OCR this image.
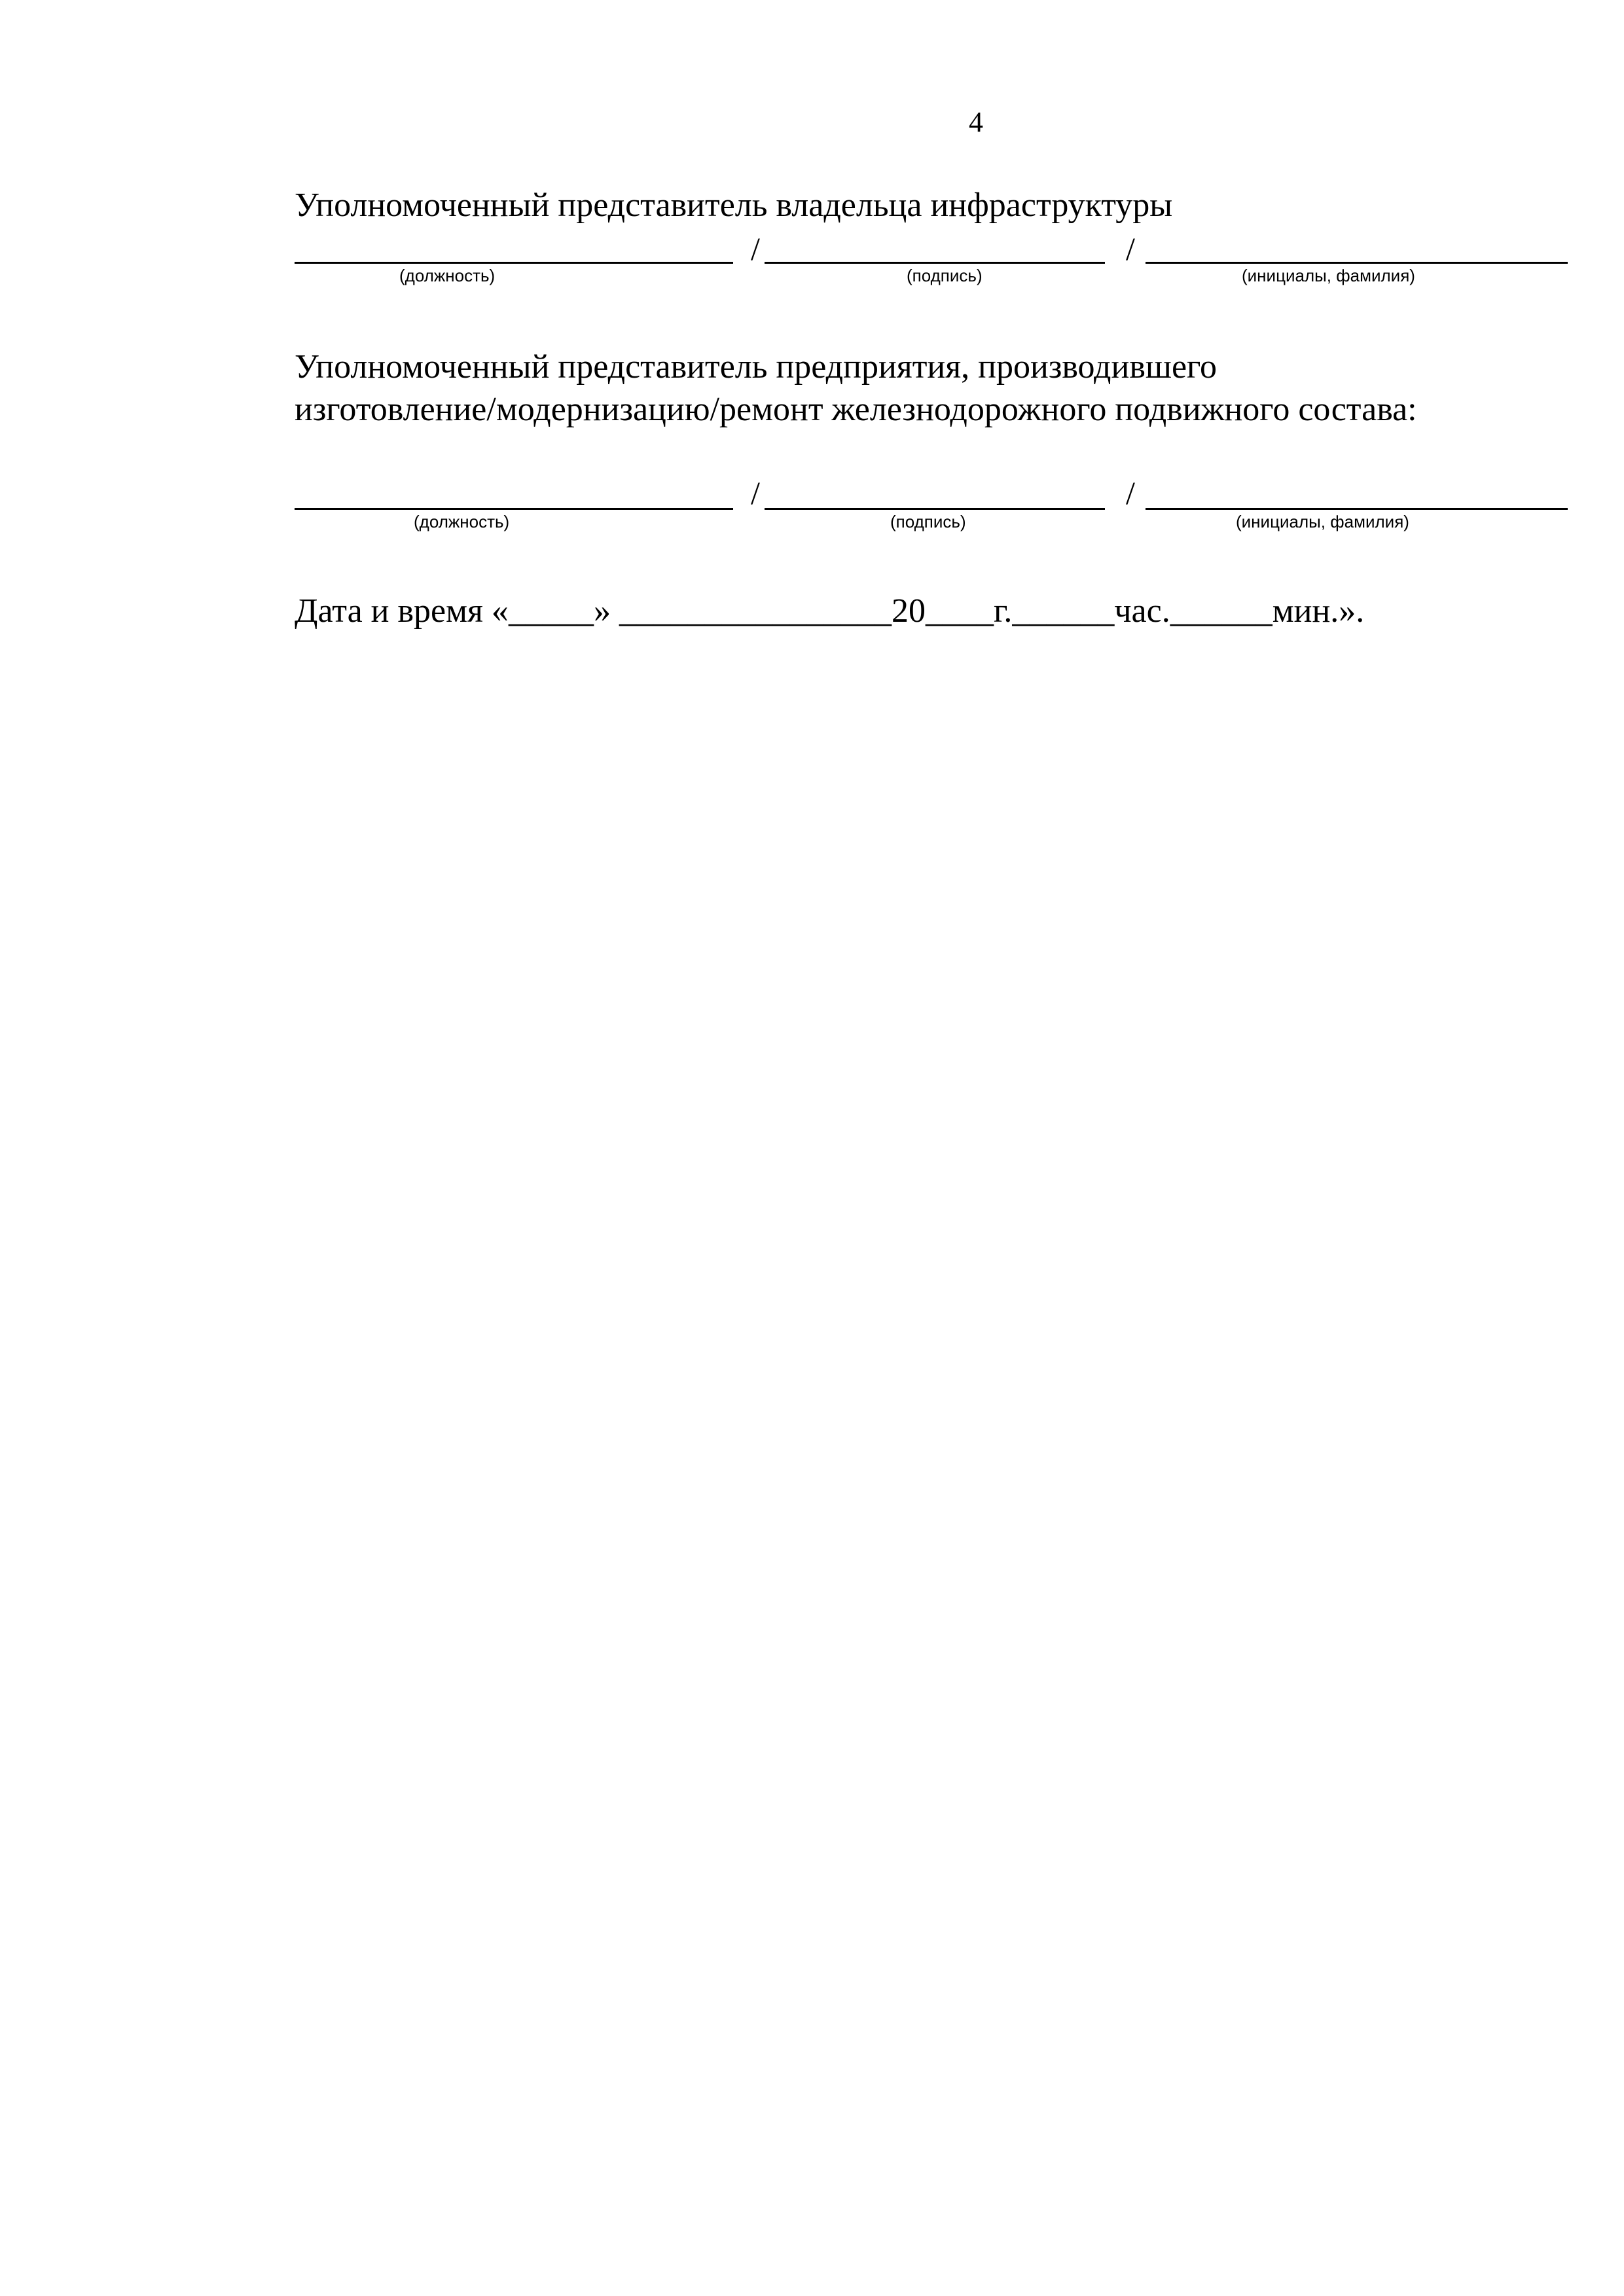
4
Уполномоченный представитель владельца инфраструктуры
/	/
(должность)	(подпись)	(инициалы, фамилия)
Уполномоченный представитель предприятия, производившего
изготовление/модернизацию/ремонт железнодорожного подвижного состава:
/	/
(должность)	(подпись)	(инициалы, фамилия)
Дата и время «_____» ________________20____г.______час.______мин.».
